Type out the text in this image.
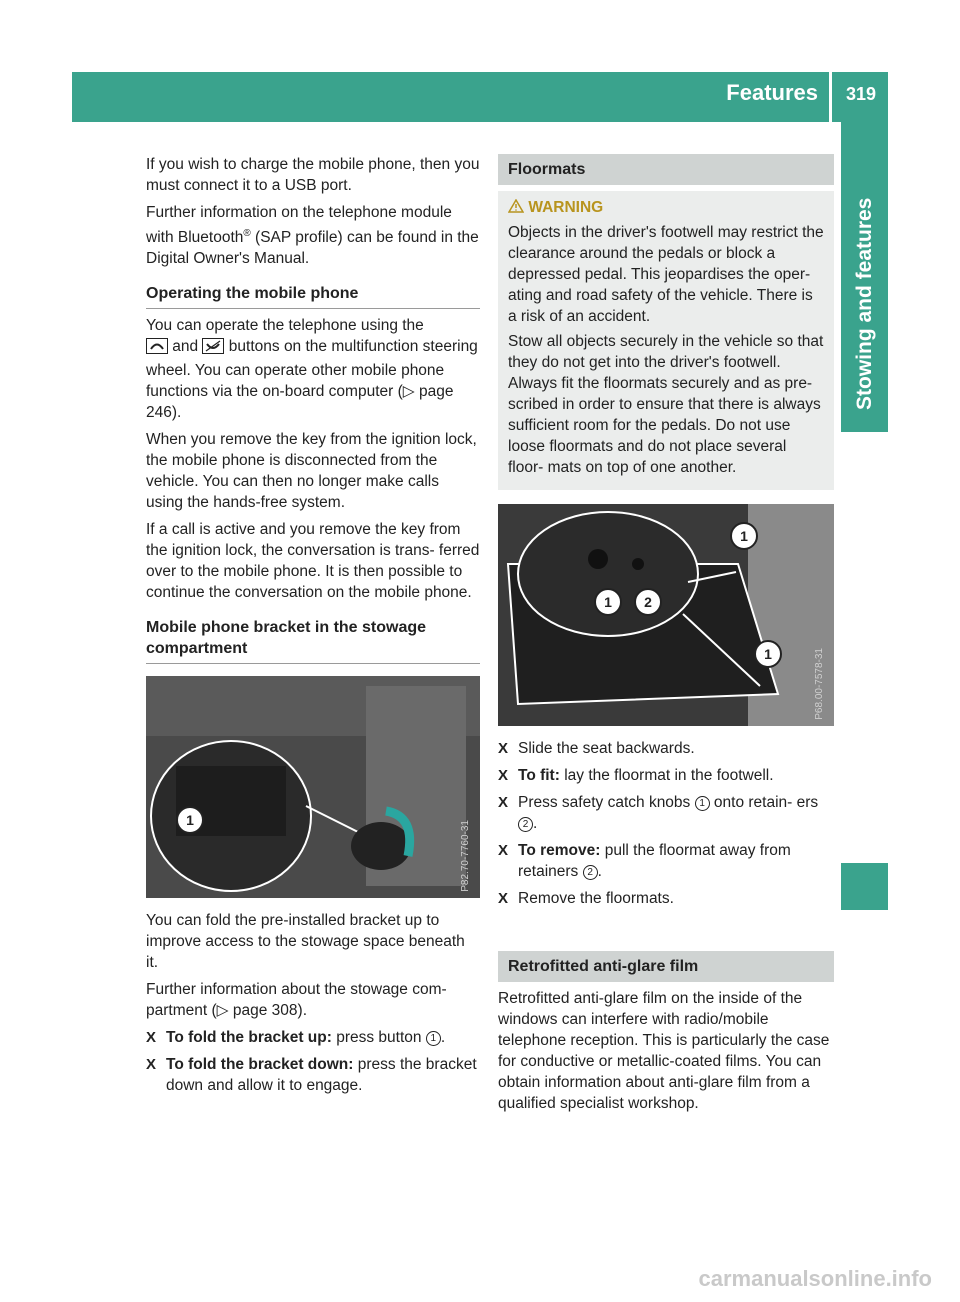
Features 319
Stowing and features

If you wish to charge the mobile phone, then you must connect it to a USB port.

Further information on the telephone module with Bluetooth® (SAP profile) can be found in the Digital Owner's Manual.

Operating the mobile phone

You can operate the telephone using the
and  buttons on the multifunction steering wheel. You can operate other mobile phone functions via the on-board computer (▷ page 246).

When you remove the key from the ignition lock, the mobile phone is disconnected from the vehicle. You can then no longer make calls using the hands-free system.

If a call is active and you remove the key from the ignition lock, the conversation is trans- ferred over to the mobile phone. It is then possible to continue the conversation on the mobile phone.

Mobile phone bracket in the stowage compartment
1
P82.70-7760-31

You can fold the pre-installed bracket up to improve access to the stowage space beneath it.

Further information about the stowage com- partment (▷ page 308).

X To fold the bracket up: press button 1 .
X To fold the bracket down: press the bracket down and allow it to engage.
Floormats
WARNING

Objects in the driver's footwell may restrict the clearance around the pedals or block a depressed pedal. This jeopardises the oper- ating and road safety of the vehicle. There is a risk of an accident.

Stow all objects securely in the vehicle so that they do not get into the driver's footwell. Always fit the floormats securely and as pre- scribed in order to ensure that there is always sufficient room for the pedals. Do not use loose floormats and do not place several floor- mats on top of one another.

1
1	2
1	P68.00-7578-31
X Slide the seat backwards.
X To fit: lay the floormat in the footwell.
X Press safety catch knobs 1 onto retain- ers 2 .
X To remove: pull the floormat away from retainers 2 .
X Remove the floormats.
Retrofitted anti-glare film

Retrofitted anti-glare film on the inside of the windows can interfere with radio/mobile telephone reception. This is particularly the case for conductive or metallic-coated films. You can obtain information about anti-glare film from a qualified specialist workshop.

carmanualsonline.info
